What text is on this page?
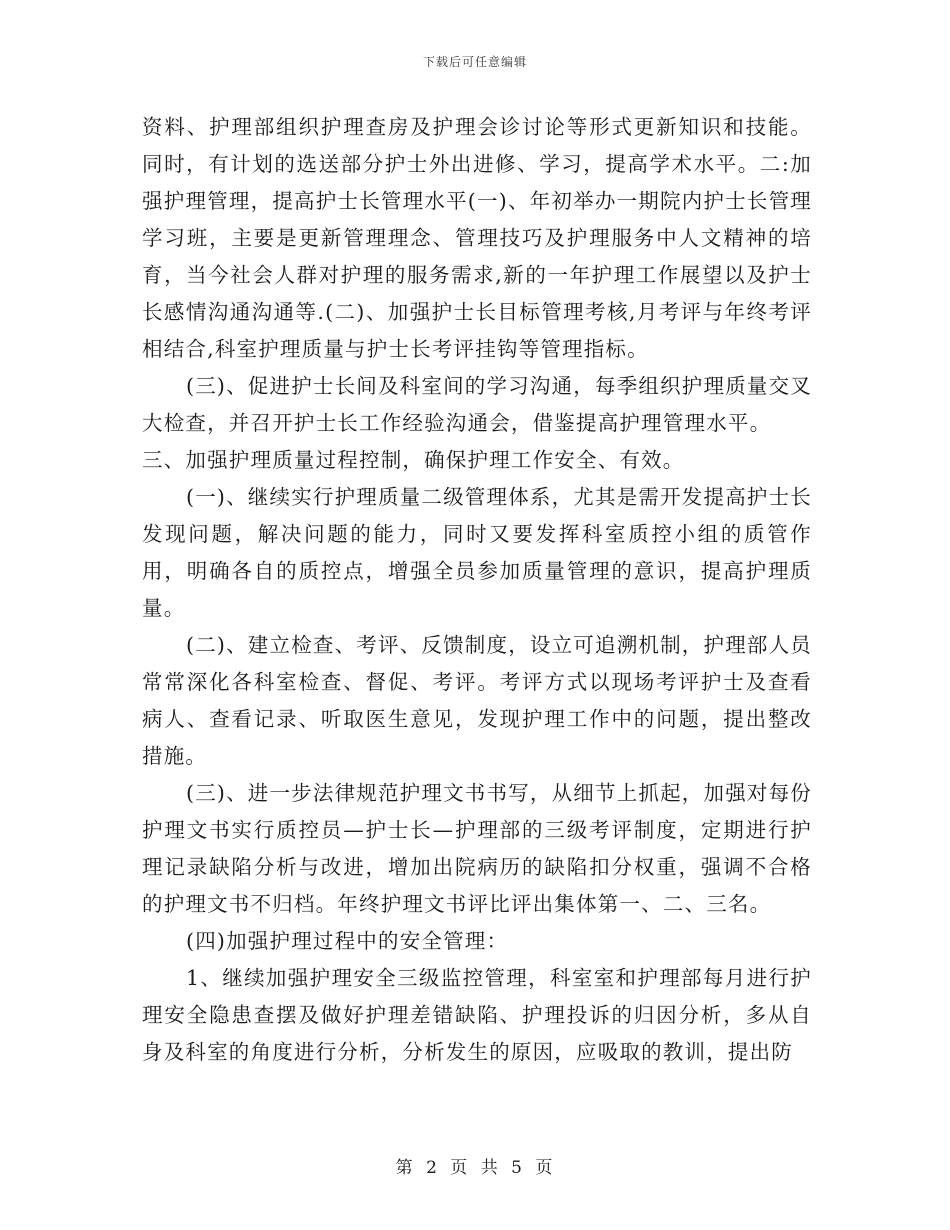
下载后可任意编辑

资料、护理部组织护理查房及护理会诊讨论等形式更新知识和技能。同时，有计划的选送部分护士外出进修、学习，提高学术水平。二:加强护理管理，提高护士长管理水平(一)、年初举办一期院内护士长管理学习班，主要是更新管理理念、管理技巧及护理服务中人文精神的培育，当今社会人群对护理的服务需求,新的一年护理工作展望以及护士长感情沟通沟通等.(二)、加强护士长目标管理考核,月考评与年终考评相结合,科室护理质量与护士长考评挂钩等管理指标。

(三)、促进护士长间及科室间的学习沟通，每季组织护理质量交叉大检查，并召开护士长工作经验沟通会，借鉴提高护理管理水平。

三、加强护理质量过程控制，确保护理工作安全、有效。

(一)、继续实行护理质量二级管理体系，尤其是需开发提高护士长发现问题，解决问题的能力，同时又要发挥科室质控小组的质管作用，明确各自的质控点，增强全员参加质量管理的意识，提高护理质量。

(二)、建立检查、考评、反馈制度，设立可追溯机制，护理部人员常常深化各科室检查、督促、考评。考评方式以现场考评护士及查看病人、查看记录、听取医生意见，发现护理工作中的问题，提出整改措施。

(三)、进一步法律规范护理文书书写，从细节上抓起，加强对每份护理文书实行质控员—护士长—护理部的三级考评制度，定期进行护理记录缺陷分析与改进，增加出院病历的缺陷扣分权重，强调不合格的护理文书不归档。年终护理文书评比评出集体第一、二、三名。

(四)加强护理过程中的安全管理：

1、继续加强护理安全三级监控管理，科室室和护理部每月进行护理安全隐患查摆及做好护理差错缺陷、护理投诉的归因分析，多从自身及科室的角度进行分析，分析发生的原因，应吸取的教训，提出防

第 2 页 共 5 页
